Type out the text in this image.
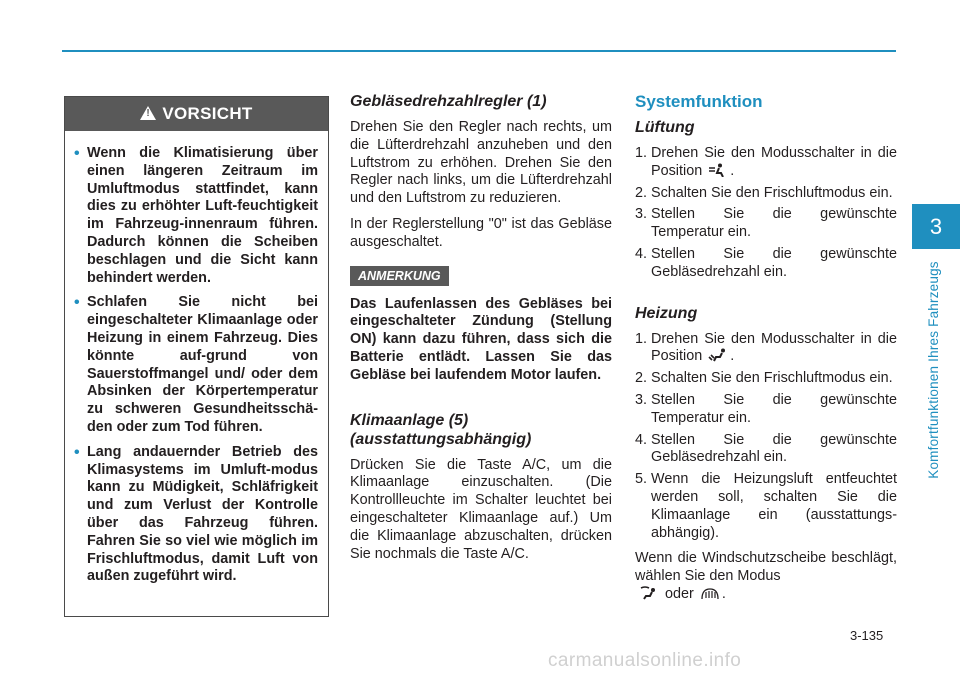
3
Komfortfunktionen Ihres Fahrzeugs
!
VORSICHT
• Wenn die Klimatisierung über einen längeren Zeitraum im Umluftmodus stattfindet, kann dies zu erhöhter Luft-feuchtigkeit im Fahrzeug-innenraum führen. Dadurch können die Scheiben beschlagen und die Sicht kann behindert werden.
• Schlafen Sie nicht bei eingeschalteter Klimaanlage oder Heizung in einem Fahrzeug. Dies könnte auf-grund von Sauerstoffmangel und/ oder dem Absinken der Körpertemperatur zu schweren Gesundheitsschä-den oder zum Tod führen.
• Lang andauernder Betrieb des Klimasystems im Umluft-modus kann zu Müdigkeit, Schläfrigkeit und zum Verlust der Kontrolle über das Fahrzeug führen. Fahren Sie so viel wie möglich im Frischluftmodus, damit Luft von außen zugeführt wird.
Gebläsedrehzahlregler (1)

Drehen Sie den Regler nach rechts, um die Lüfterdrehzahl anzuheben und den Luftstrom zu erhöhen. Drehen Sie den Regler nach links, um die Lüfterdrehzahl und den Luftstrom zu reduzieren.

In der Reglerstellung "0" ist das Gebläse ausgeschaltet.

ANMERKUNG

Das Laufenlassen des Gebläses bei eingeschalteter Zündung (Stellung ON) kann dazu führen, dass sich die Batterie entlädt. Lassen Sie das Gebläse bei laufendem Motor laufen.

Klimaanlage (5)
(ausstattungsabhängig)

Drücken Sie die Taste A/C, um die Klimaanlage einzuschalten. (Die Kontrollleuchte im Schalter leuchtet bei eingeschalteter Klimaanlage auf.) Um die Klimaanlage abzuschalten, drücken Sie nochmals die Taste A/C.

Systemfunktion
Lüftung
1. Drehen Sie den Modusschalter in die Position .
2. Schalten Sie den Frischluftmodus ein.
3. Stellen Sie die gewünschte Temperatur ein.
4. Stellen Sie die gewünschte Gebläsedrehzahl ein.
Heizung
1. Drehen Sie den Modusschalter in die Position .
2. Schalten Sie den Frischluftmodus ein.
3. Stellen Sie die gewünschte Temperatur ein.
4. Stellen Sie die gewünschte Gebläsedrehzahl ein.
5. Wenn die Heizungsluft entfeuchtet werden soll, schalten Sie die Klimaanlage ein (ausstattungs-abhängig).

Wenn die Windschutzscheibe beschlägt, wählen Sie den Modus
oder .

3-135
carmanualsonline.info
